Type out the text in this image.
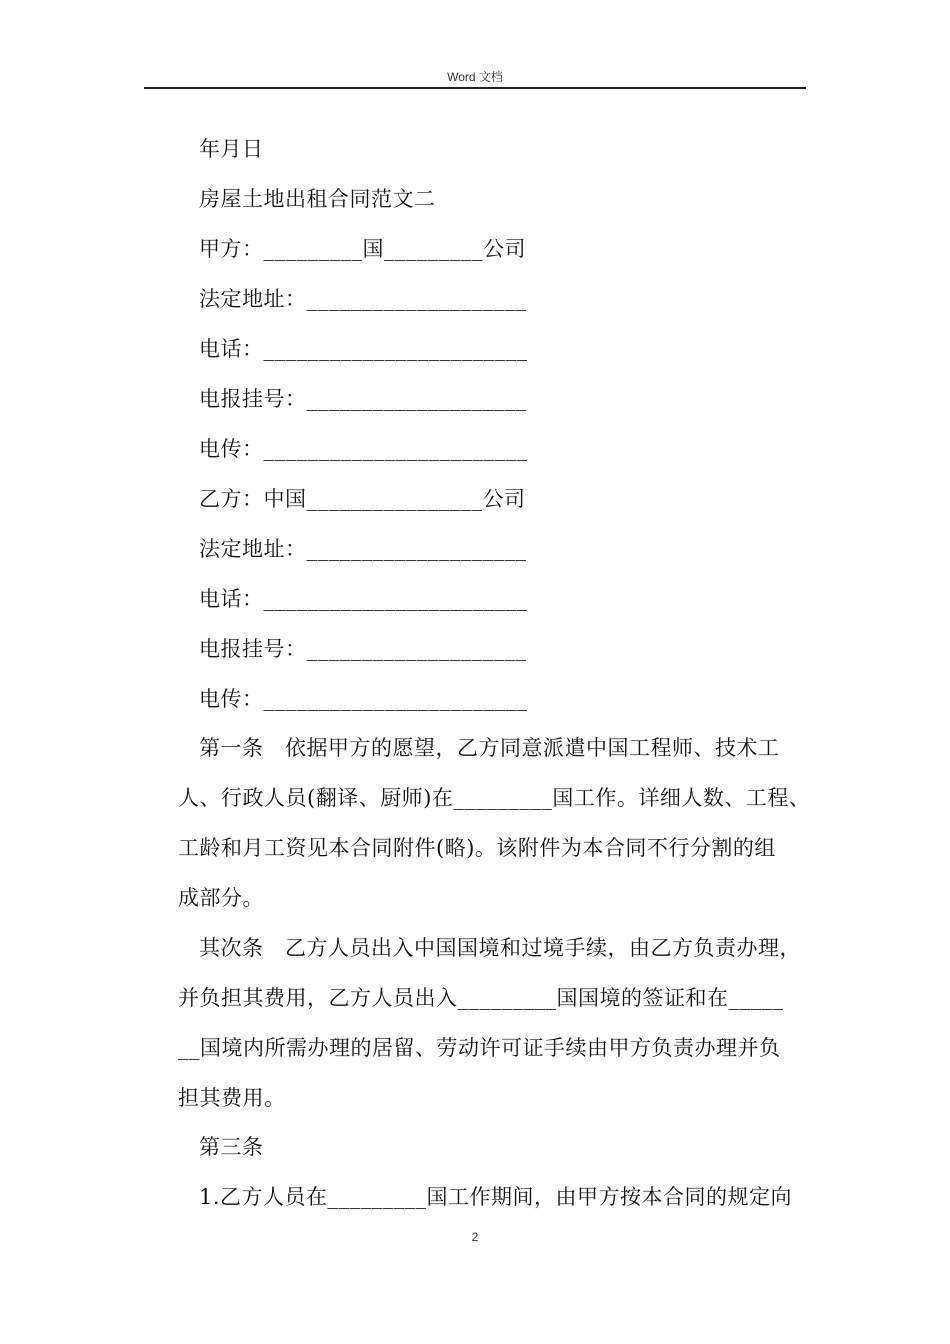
Word 文档
年月日
房屋土地出租合同范文二
甲方：_________国_________公司
法定地址：____________________
电话：________________________
电报挂号：____________________
电传：________________________
乙方：中国________________公司
法定地址：____________________
电话：________________________
电报挂号：____________________
电传：________________________
第一条　依据甲方的愿望，乙方同意派遣中国工程师、技术工
人、行政人员(翻译、厨师)在_________国工作。详细人数、工程、
工龄和月工资见本合同附件(略)。该附件为本合同不行分割的组
成部分。
其次条　乙方人员出入中国国境和过境手续，由乙方负责办理，
并负担其费用，乙方人员出入_________国国境的签证和在_____
__国境内所需办理的居留、劳动许可证手续由甲方负责办理并负
担其费用。
第三条
1.乙方人员在_________国工作期间，由甲方按本合同的规定向
2
